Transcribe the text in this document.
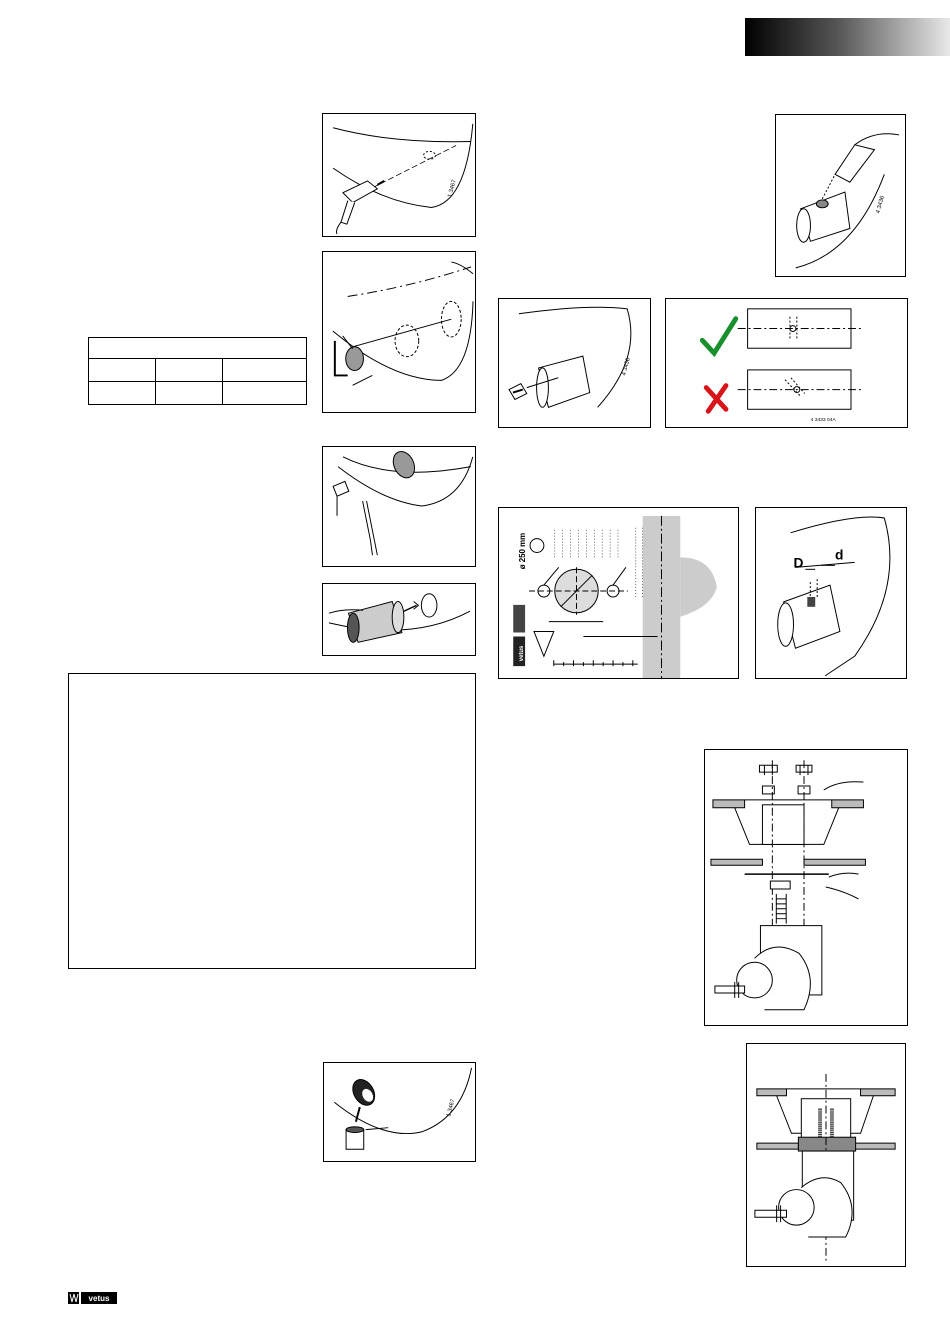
1 3467

1 3467
4 3436
4 3436
4 3433 04A
ø 250 mm
vetus
D d
vetus
